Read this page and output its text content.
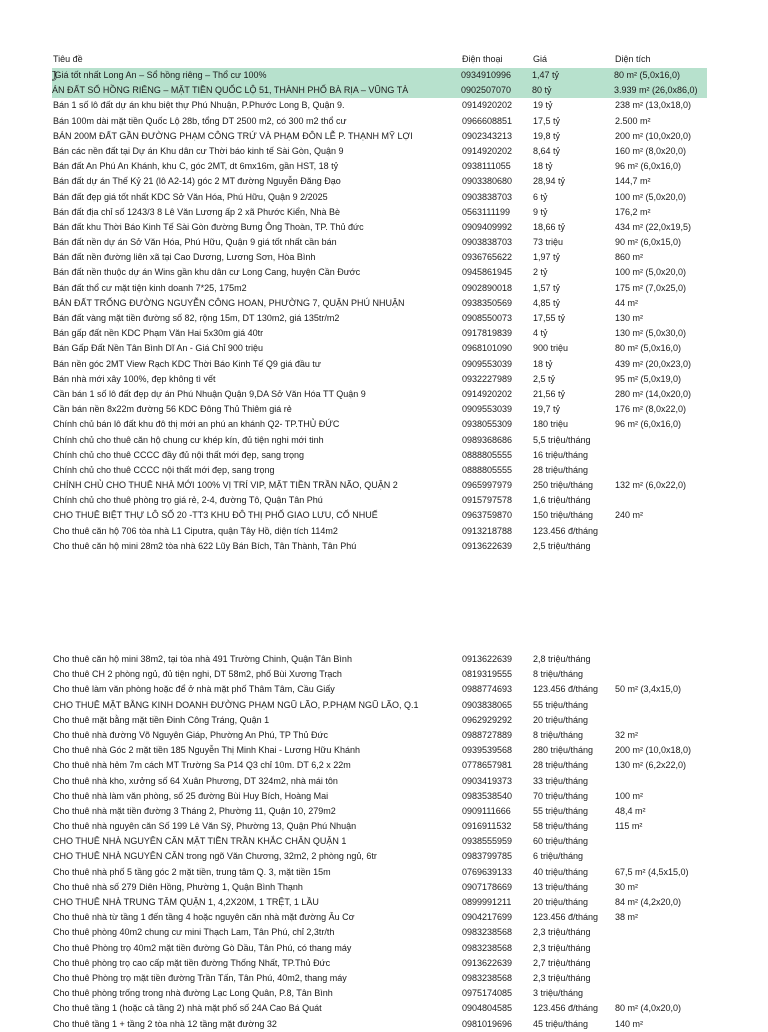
Tiêu đề	Điện thoại	Giá	Diện tích
⃣ Giá tốt nhất Long An – Sổ hồng riêng – Thổ cư 100%	0934910996	1,47 tỷ	80 m² (5,0x16,0)
ÁN ĐẤT SỔ HỒNG RIÊNG – MẶT TIỀN QUỐC LỘ 51, THÀNH PHỐ BÀ RỊA – VŨNG TÀ	0902507070	80 tỷ	3.939 m² (26,0x86,0)
Bán 1 số lô đất dự án khu biệt thự Phú Nhuận, P.Phước Long B, Quận 9.	0914920202	19 tỷ	238 m² (13,0x18,0)
Bán 100m dài mặt tiền Quốc Lộ 28b, tổng DT 2500 m2, có 300 m2 thổ cư	0966608851	17,5 tỷ	2.500 m²
BÁN 200M ĐẤT GẦN ĐƯỜNG PHẠM CÔNG TRỨ VÀ PHẠM ĐÔN LỄ P. THẠNH MỸ LỢI	0902343213	19,8 tỷ	200 m² (10,0x20,0)
Bán các nền đất tại Dự án Khu dân cư Thời báo kinh tế Sài Gòn, Quận 9	0914920202	8,64 tỷ	160 m² (8,0x20,0)
Bán đất An Phú An Khánh, khu C, góc 2MT, dt 6mx16m, gần HST, 18 tỷ	0938111055	18 tỷ	96 m² (6,0x16,0)
Bán đất dự án Thế Kỷ 21 (lô A2-14) góc 2 MT đường Nguyễn Đăng Đạo	0903380680	28,94 tỷ	144,7 m²
Bán đất đẹp giá tốt nhất KDC Sở Văn Hóa, Phú Hữu, Quận 9 2/2025	0903838703	6 tỷ	100 m² (5,0x20,0)
Bán đất địa chỉ số 1243/3 8 Lê Văn Lương ấp 2 xã Phước Kiển, Nhà Bè	0563111199	9 tỷ	176,2 m²
Bán đất khu Thời Báo Kinh Tế Sài Gòn đường Bưng Ông Thoàn, TP. Thủ đức	0909409992	18,66 tỷ	434 m² (22,0x19,5)
Bán đất nền dự án Sở Văn Hóa, Phú Hữu, Quận 9 giá tốt nhất cần bán	0903838703	73 triệu	90 m² (6,0x15,0)
Bán đất nền đường liên xã tại Cao Dương, Lương Sơn, Hòa Bình	0936765622	1,97 tỷ	860 m²
Bán đất nền thuộc dự án Wins gần khu dân cư Long Cang, huyện Cần Đước	0945861945	2 tỷ	100 m² (5,0x20,0)
Bán đất thổ cư mặt tiện kinh doanh 7*25, 175m2	0902890018	1,57 tỷ	175 m² (7,0x25,0)
BÁN ĐẤT TRỐNG ĐƯỜNG NGUYỄN CÔNG HOAN, PHƯỜNG 7, QUẬN PHÚ NHUẬN	0938350569	4,85 tỷ	44 m²
Bán đất vàng mặt tiền đường số 82, rộng 15m, DT 130m2, giá 135tr/m2	0908550073	17,55 tỷ	130 m²
Bán gấp đất nền KDC Phạm Văn Hai 5x30m giá 40tr	0917819839	4 tỷ	130 m² (5,0x30,0)
Bán Gấp Đất Nền Tân Bình Dĩ An - Giá Chỉ 900 triệu	0968101090	900 triệu	80 m² (5,0x16,0)
Bán nền góc 2MT View Rạch KDC Thời Báo Kinh Tế Q9 giá đầu tư	0909553039	18 tỷ	439 m² (20,0x23,0)
Bán nhà mới xây 100%, đẹp không tì vết	0932227989	2,5 tỷ	95 m² (5,0x19,0)
Cần bán 1 số lô đất đẹp dự án Phú Nhuận Quận 9,DA Sở Văn Hóa TT Quận 9	0914920202	21,56 tỷ	280 m² (14,0x20,0)
Cần bán nền 8x22m đường 56 KDC Đông Thủ Thiêm giá rẻ	0909553039	19,7 tỷ	176 m² (8,0x22,0)
Chính chủ bán lô đất khu đô thị mới an phú an khánh Q2- TP.THỦ ĐỨC	0938055309	180 triệu	96 m² (6,0x16,0)
Chính chủ cho thuê căn hộ chung cư khép kín, đủ tiện nghi mới tinh	0989368686	5,5 triệu/tháng
Chính chủ cho thuê CCCC đầy đủ nội thất mới đẹp, sang trọng	0888805555	16 triệu/tháng
Chính chủ cho thuê CCCC nội thất mới đẹp, sang trọng	0888805555	28 triệu/tháng
CHÍNH CHỦ CHO THUÊ NHÀ MỚI 100% VỊ TRÍ VIP, MẶT TIỀN TRẦN NÃO, QUẬN 2	0965997979	250 triệu/tháng	132 m² (6,0x22,0)
Chính chủ cho thuê phòng trọ giá rẻ, 2-4, đường Tô, Quận Tân Phú	0915797578	1,6 triệu/tháng
CHO THUÊ BIỆT THỰ LÔ SỐ 20 -TT3 KHU ĐÔ THỊ PHỐ GIAO LƯU, CỔ NHUẾ	0963759870	150 triệu/tháng	240 m²
Cho thuê căn hộ 706 tòa nhà L1 Ciputra, quận Tây Hồ, diện tích 114m2	0913218788	123.456 đ/tháng
Cho thuê căn hộ mini 28m2 tòa nhà 622 Lũy Bán Bích, Tân Thành, Tân Phú	0913622639	2,5 triệu/tháng
Cho thuê căn hộ mini 38m2, tại tòa nhà 491 Trường Chinh, Quận Tân Bình	0913622639	2,8 triệu/tháng
Cho thuê CH 2 phòng ngủ, đủ tiện nghi, DT 58m2, phố Bùi Xương Trạch	0819319555	8 triệu/tháng
Cho thuê làm văn phòng hoặc để ở nhà mặt phố Thâm Tâm, Cầu Giấy	0988774693	123.456 đ/tháng	50 m² (3,4x15,0)
CHO THUÊ MẶT BẰNG KINH DOANH ĐƯỜNG PHẠM NGŨ LÃO, P.PHẠM NGŨ LÃO, Q.1	0903838065	55 triệu/tháng
Cho thuê mặt bằng mặt tiền Đinh Công Tráng, Quận 1	0962929292	20 triệu/tháng
Cho thuê nhà đường Võ Nguyên Giáp, Phường An Phú, TP Thủ Đức	0988727889	8 triệu/tháng	32 m²
Cho thuê nhà Góc 2 mặt tiền 185 Nguyễn Thị Minh Khai - Lương Hữu Khánh	0939539568	280 triệu/tháng	200 m² (10,0x18,0)
Cho thuê nhà hẻm 7m cách MT Trường Sa P14 Q3 chỉ 10m. DT 6,2 x 22m	0778657981	28 triệu/tháng	130 m² (6,2x22,0)
Cho thuê nhà kho, xưởng số 64 Xuân Phương, DT 324m2, nhà mái tôn	0903419373	33 triệu/tháng
Cho thuê nhà làm văn phòng, số 25 đường Bùi Huy Bích, Hoàng Mai	0983538540	70 triệu/tháng	100 m²
Cho thuê nhà mặt tiền đường 3 Tháng 2, Phường 11, Quận 10, 279m2	0909111666	55 triệu/tháng	48,4 m²
Cho thuê nhà nguyên căn Số 199 Lê Văn Sỹ, Phường 13, Quận Phú Nhuận	0916911532	58 triệu/tháng	115 m²
CHO THUÊ NHÀ NGUYÊN CĂN MẶT TIỀN TRẦN KHẮC CHÂN QUẬN 1	0938555959	60 triệu/tháng
CHO THUÊ NHÀ NGUYÊN CĂN trong ngõ Văn Chương, 32m2, 2 phòng ngủ, 6tr	0983799785	6 triệu/tháng
Cho thuê nhà phố 5 tầng góc 2 mặt tiền, trung tâm Q. 3, mặt tiền 15m	0769639133	40 triệu/tháng	67,5 m² (4,5x15,0)
Cho thuê nhà số 279 Diên Hồng, Phường 1, Quận Bình Thạnh	0907178669	13 triệu/tháng	30 m²
CHO THUÊ NHÀ TRUNG TÂM QUẬN 1, 4,2X20M, 1 TRỆT, 1 LẦU	0899991211	20 triệu/tháng	84 m² (4,2x20,0)
Cho thuê nhà từ tầng 1 đến tầng 4 hoặc nguyên căn nhà mặt đường Âu Cơ	0904217699	123.456 đ/tháng	38 m²
Cho thuê phòng 40m2 chung cư mini Thạch Lam, Tân Phú, chỉ 2,3tr/th	0983238568	2,3 triệu/tháng
Cho thuê Phòng trọ 40m2 mặt tiền đường Gò Dầu, Tân Phú, có thang máy	0983238568	2,3 triệu/tháng
Cho thuê phòng trọ cao cấp mặt tiền đường Thống Nhất, TP.Thủ Đức	0913622639	2,7 triệu/tháng
Cho thuê Phòng trọ mặt tiền đường Trần Tấn, Tân Phú, 40m2, thang máy	0983238568	2,3 triệu/tháng
Cho thuê phòng trống trong nhà đường Lạc Long Quân, P.8, Tân Bình	0975174085	3 triệu/tháng
Cho thuê tầng 1 (hoặc cả tầng 2) nhà mặt phố số 24A Cao Bá Quát	0904804585	123.456 đ/tháng	80 m² (4,0x20,0)
Cho thuê tầng 1 + tầng 2 tòa nhà 12 tầng mặt đường 32	0981019696	45 triệu/tháng	140 m²
